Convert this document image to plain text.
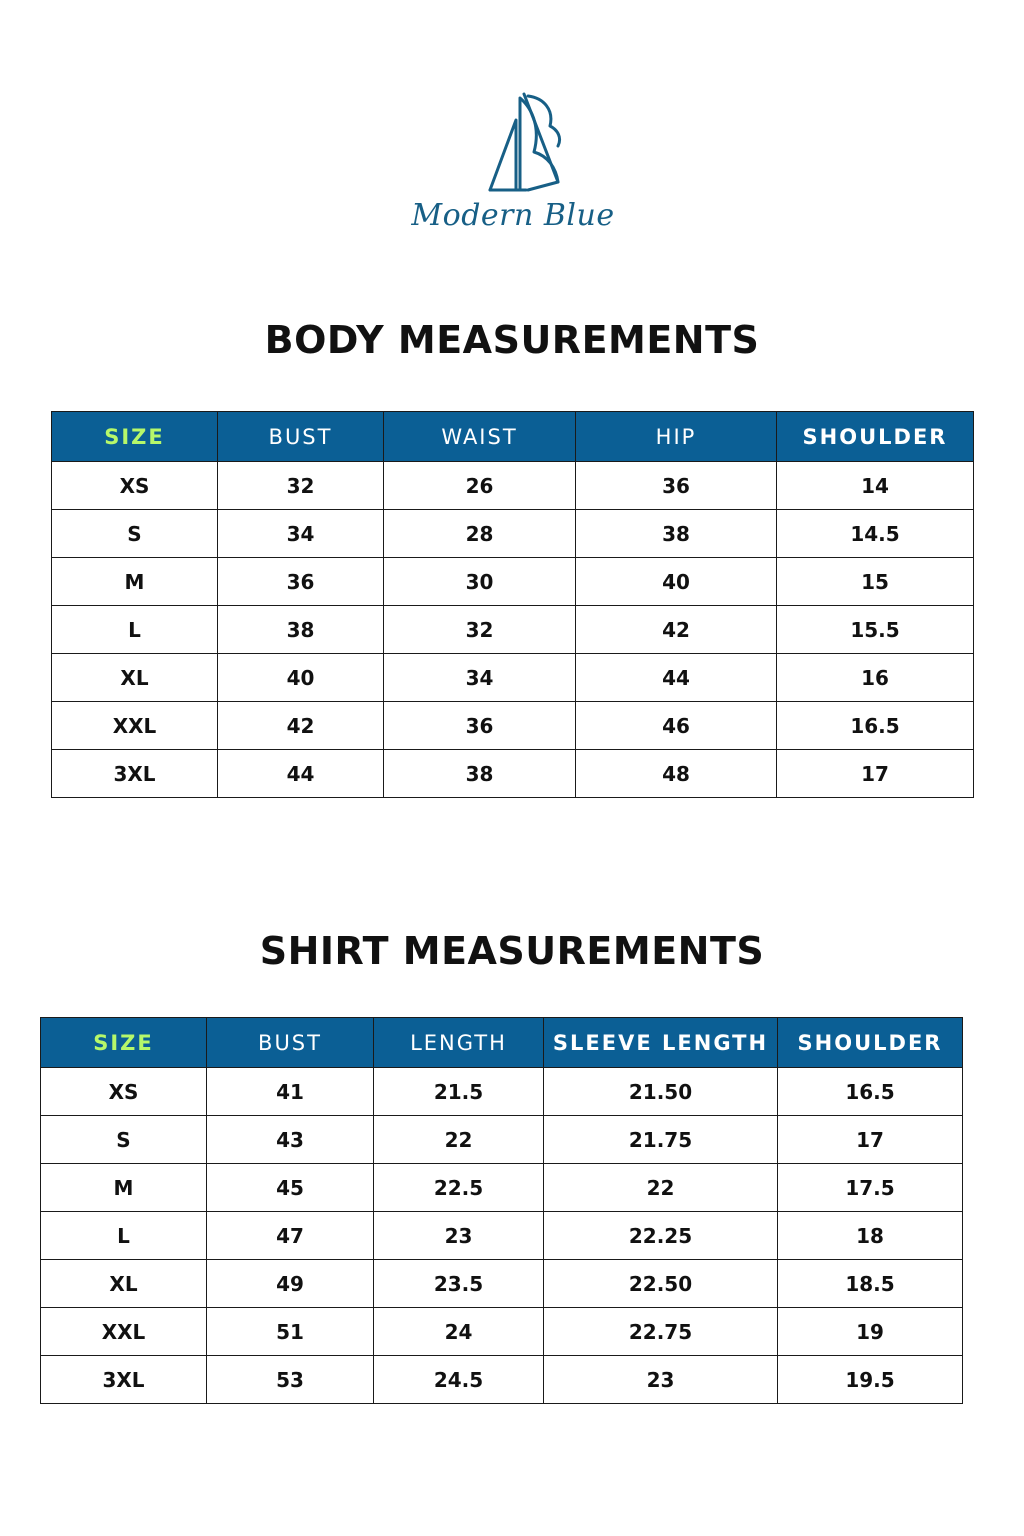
Modern Blue
BODY MEASUREMENTS
SIZE	BUST	WAIST	HIP	SHOULDER
XS	32	26	36	14
S	34	28	38	14.5
M	36	30	40	15
L	38	32	42	15.5
XL	40	34	44	16
XXL	42	36	46	16.5
3XL	44	38	48	17
SHIRT MEASUREMENTS
SIZE	BUST	LENGTH	SLEEVE LENGTH	SHOULDER
XS	41	21.5	21.50	16.5
S	43	22	21.75	17
M	45	22.5	22	17.5
L	47	23	22.25	18
XL	49	23.5	22.50	18.5
XXL	51	24	22.75	19
3XL	53	24.5	23	19.5
